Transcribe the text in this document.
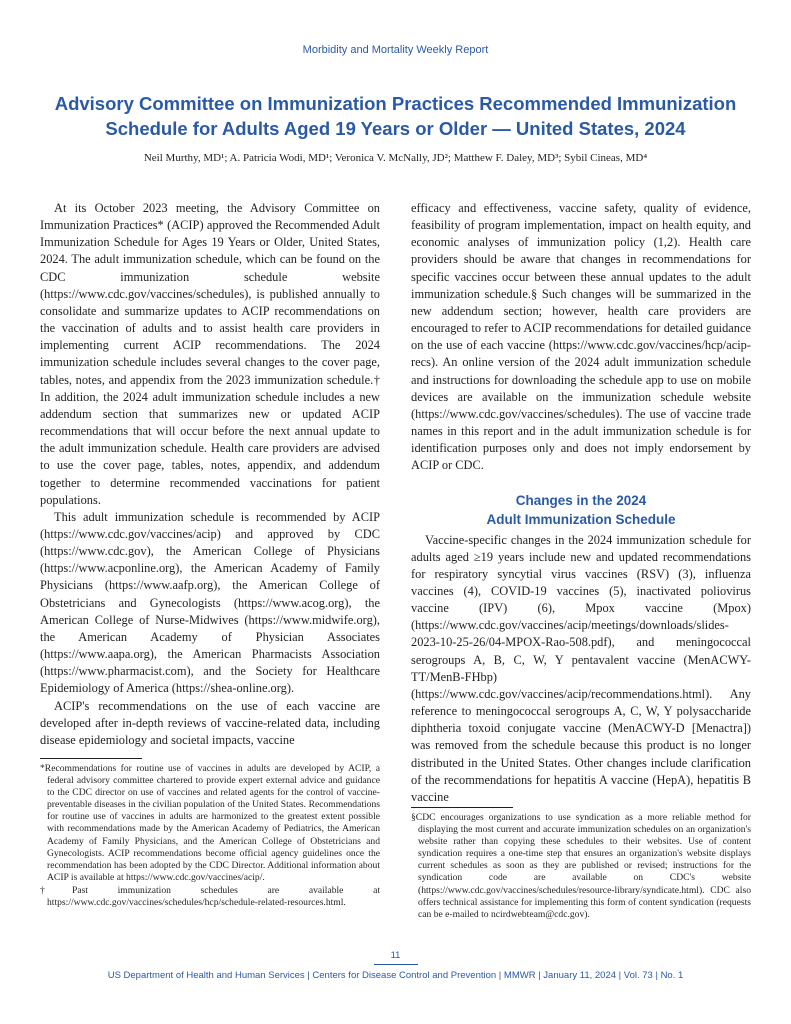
Morbidity and Mortality Weekly Report
Advisory Committee on Immunization Practices Recommended Immunization Schedule for Adults Aged 19 Years or Older — United States, 2024
Neil Murthy, MD¹; A. Patricia Wodi, MD¹; Veronica V. McNally, JD²; Matthew F. Daley, MD³; Sybil Cineas, MD⁴

At its October 2023 meeting, the Advisory Committee on Immunization Practices* (ACIP) approved the Recommended Adult Immunization Schedule for Ages 19 Years or Older, United States, 2024. The adult immunization schedule, which can be found on the CDC immunization schedule website (https://www.cdc.gov/vaccines/schedules), is published annually to consolidate and summarize updates to ACIP recommendations on the vaccination of adults and to assist health care providers in implementing current ACIP recommendations. The 2024 immunization schedule includes several changes to the cover page, tables, notes, and appendix from the 2023 immunization schedule.† In addition, the 2024 adult immunization schedule includes a new addendum section that summarizes new or updated ACIP recommendations that will occur before the next annual update to the adult immunization schedule. Health care providers are advised to use the cover page, tables, notes, appendix, and addendum together to determine recommended vaccinations for patient populations.

This adult immunization schedule is recommended by ACIP (https://www.cdc.gov/vaccines/acip) and approved by CDC (https://www.cdc.gov), the American College of Physicians (https://www.acponline.org), the American Academy of Family Physicians (https://www.aafp.org), the American College of Obstetricians and Gynecologists (https://www.acog.org), the American College of Nurse-Midwives (https://www.midwife.org), the American Academy of Physician Associates (https://www.aapa.org), the American Pharmacists Association (https://www.pharmacist.com), and the Society for Healthcare Epidemiology of America (https://shea-online.org).

ACIP's recommendations on the use of each vaccine are developed after in-depth reviews of vaccine-related data, including disease epidemiology and societal impacts, vaccine

efficacy and effectiveness, vaccine safety, quality of evidence, feasibility of program implementation, impact on health equity, and economic analyses of immunization policy (1,2). Health care providers should be aware that changes in recommendations for specific vaccines occur between these annual updates to the adult immunization schedule.§ Such changes will be summarized in the new addendum section; however, health care providers are encouraged to refer to ACIP recommendations for detailed guidance on the use of each vaccine (https://www.cdc.gov/vaccines/hcp/acip-recs). An online version of the 2024 adult immunization schedule and instructions for downloading the schedule app to use on mobile devices are available on the immunization schedule website (https://www.cdc.gov/vaccines/schedules). The use of vaccine trade names in this report and in the adult immunization schedule is for identification purposes only and does not imply endorsement by ACIP or CDC.

Changes in the 2024
Adult Immunization Schedule

Vaccine-specific changes in the 2024 immunization schedule for adults aged ≥19 years include new and updated recommendations for respiratory syncytial virus vaccines (RSV) (3), influenza vaccines (4), COVID-19 vaccines (5), inactivated poliovirus vaccine (IPV) (6), Mpox vaccine (Mpox) (https://www.cdc.gov/vaccines/acip/meetings/downloads/slides-2023-10-25-26/04-MPOX-Rao-508.pdf), and meningococcal serogroups A, B, C, W, Y pentavalent vaccine (MenACWY-TT/MenB-FHbp) (https://www.cdc.gov/vaccines/acip/recommendations.html). Any reference to meningococcal serogroups A, C, W, Y polysaccharide diphtheria toxoid conjugate vaccine (MenACWY-D [Menactra]) was removed from the schedule because this product is no longer distributed in the United States. Other changes include clarification of the recommendations for hepatitis A vaccine (HepA), hepatitis B vaccine

*Recommendations for routine use of vaccines in adults are developed by ACIP, a federal advisory committee chartered to provide expert external advice and guidance to the CDC director on use of vaccines and related agents for the control of vaccine-preventable diseases in the civilian population of the United States. Recommendations for routine use of vaccines in adults are harmonized to the greatest extent possible with recommendations made by the American Academy of Pediatrics, the American Academy of Family Physicians, and the American College of Obstetricians and Gynecologists. ACIP recommendations become official agency guidelines once the recommendation has been adopted by the CDC Director. Additional information about ACIP is available at https://www.cdc.gov/vaccines/acip/.

†Past immunization schedules are available at https://www.cdc.gov/vaccines/schedules/hcp/schedule-related-resources.html.

§CDC encourages organizations to use syndication as a more reliable method for displaying the most current and accurate immunization schedules on an organization's website rather than copying these schedules to their websites. Use of content syndication requires a one-time step that ensures an organization's website displays current schedules as soon as they are published or revised; instructions for the syndication code are available on CDC's website (https://www.cdc.gov/vaccines/schedules/resource-library/syndicate.html). CDC also offers technical assistance for implementing this form of content syndication (requests can be e-mailed to ncirdwebteam@cdc.gov).

11
US Department of Health and Human Services | Centers for Disease Control and Prevention | MMWR | January 11, 2024 | Vol. 73 | No. 1
